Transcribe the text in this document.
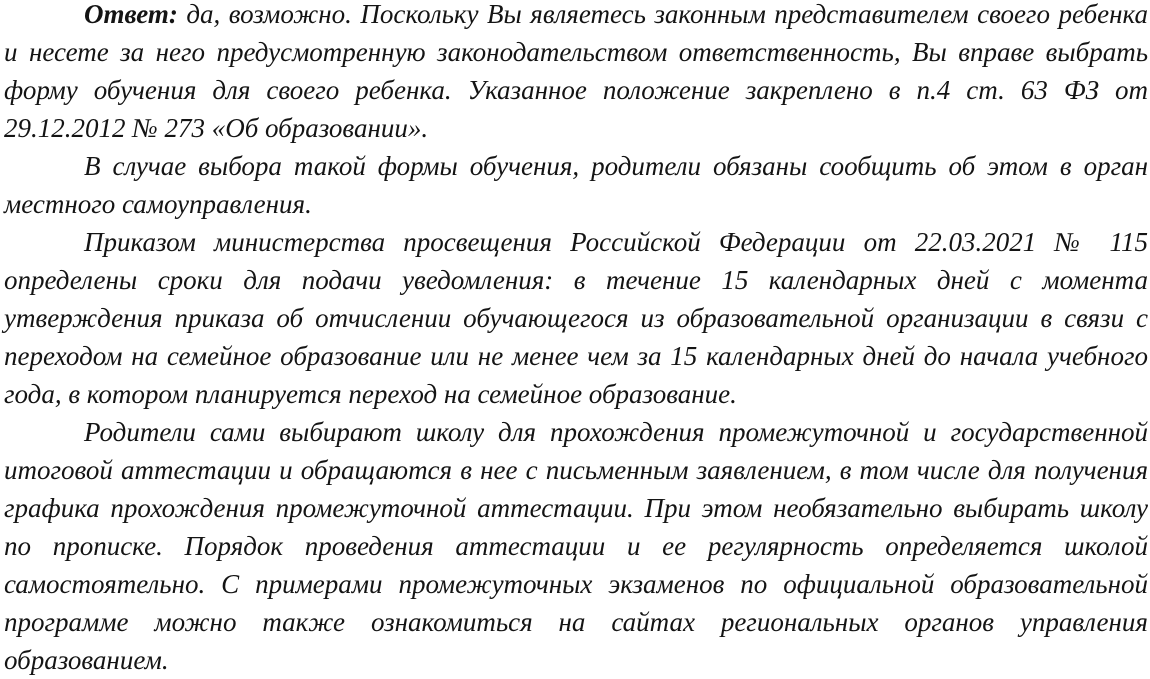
Ответ: да, возможно. Поскольку Вы являетесь законным представителем своего ребенка и несете за него предусмотренную законодательством ответственность, Вы вправе выбрать форму обучения для своего ребенка. Указанное положение закреплено в п.4 ст. 63 ФЗ от 29.12.2012 № 273 «Об образовании».

В случае выбора такой формы обучения, родители обязаны сообщить об этом в орган местного самоуправления.

Приказом министерства просвещения Российской Федерации от 22.03.2021 № 115 определены сроки для подачи уведомления: в течение 15 календарных дней с момента утверждения приказа об отчислении обучающегося из образовательной организации в связи с переходом на семейное образование или не менее чем за 15 календарных дней до начала учебного года, в котором планируется переход на семейное образование.

Родители сами выбирают школу для прохождения промежуточной и государственной итоговой аттестации и обращаются в нее с письменным заявлением, в том числе для получения графика прохождения промежуточной аттестации. При этом необязательно выбирать школу по прописке. Порядок проведения аттестации и ее регулярность определяется школой самостоятельно. С примерами промежуточных экзаменов по официальной образовательной программе можно также ознакомиться на сайтах региональных органов управления образованием.
